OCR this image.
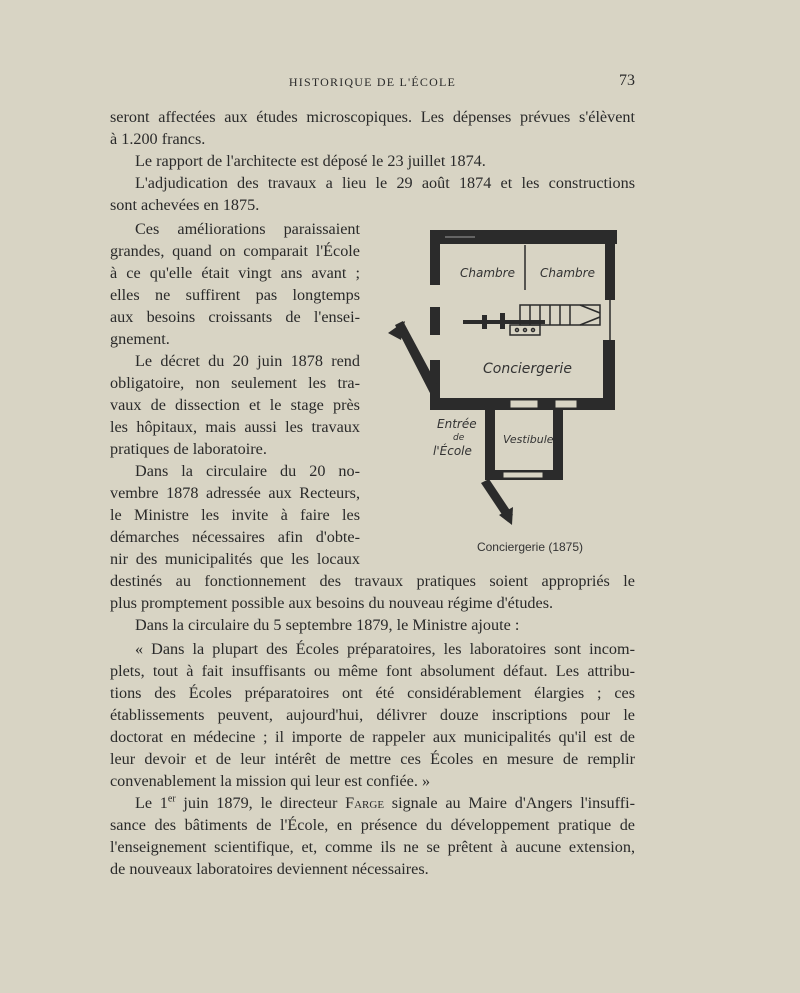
HISTORIQUE DE L'ÉCOLE	73
seront affectées aux études microscopiques. Les dépenses prévues s'élèvent
à 1.200 francs.
Le rapport de l'architecte est déposé le 23 juillet 1874.
L'adjudication des travaux a lieu le 29 août 1874 et les constructions
sont achevées en 1875.
Ces améliorations paraissaient
grandes, quand on comparait l'École
à ce qu'elle était vingt ans avant ;
elles ne suffirent pas longtemps
aux besoins croissants de l'ensei-
gnement.
Le décret du 20 juin 1878 rend
obligatoire, non seulement les tra-
vaux de dissection et le stage près
les hôpitaux, mais aussi les travaux
pratiques de laboratoire.
Dans la circulaire du 20 no-
vembre 1878 adressée aux Recteurs,
le Ministre les invite à faire les
démarches nécessaires afin d'obte-
nir des municipalités que les locaux
destinés au fonctionnement des travaux pratiques soient appropriés le
plus promptement possible aux besoins du nouveau régime d'études.
Dans la circulaire du 5 septembre 1879, le Ministre ajoute :
« Dans la plupart des Écoles préparatoires, les laboratoires sont incom-
plets, tout à fait insuffisants ou même font absolument défaut. Les attribu-
tions des Écoles préparatoires ont été considérablement élargies ; ces
établissements peuvent, aujourd'hui, délivrer douze inscriptions pour le
doctorat en médecine ; il importe de rappeler aux municipalités qu'il est de
leur devoir et de leur intérêt de mettre ces Écoles en mesure de remplir
convenablement la mission qui leur est confiée. »
Le 1er juin 1879, le directeur Farge signale au Maire d'Angers l'insuffi-
sance des bâtiments de l'École, en présence du développement pratique de
l'enseignement scientifique, et, comme ils ne se prêtent à aucune extension,
de nouveaux laboratoires deviennent nécessaires.
Chambre Chambre
Conciergerie
Entrée
de
l'École
Vestibule
Conciergerie (1875)
